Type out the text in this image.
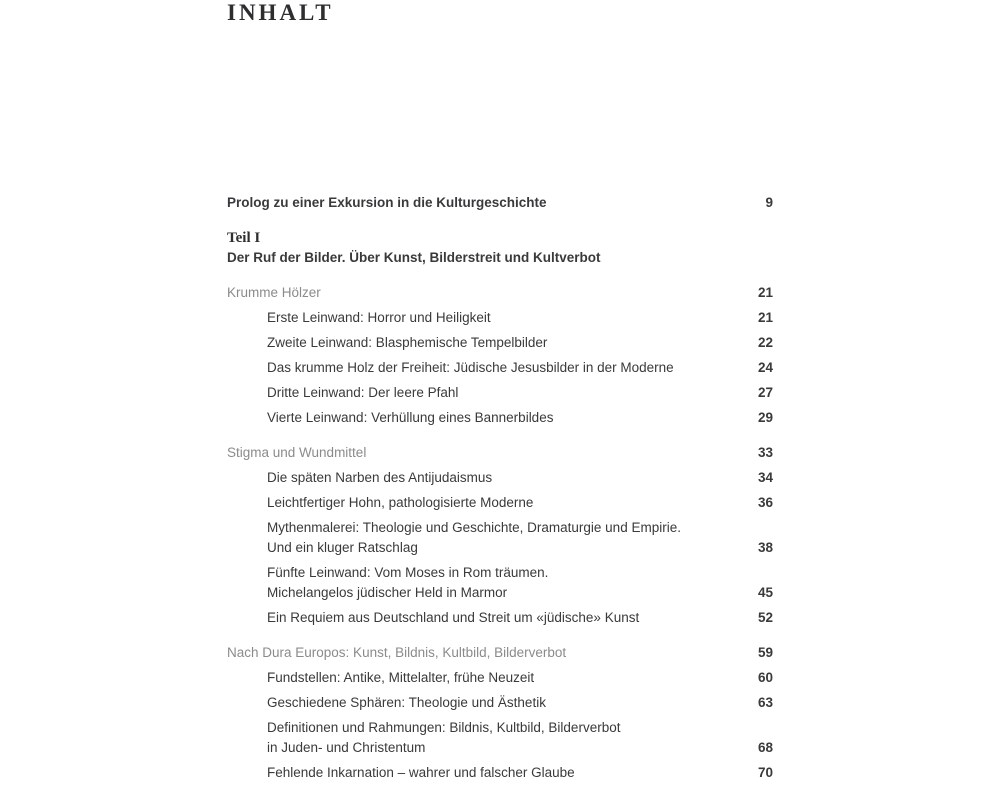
INHALT
Prolog zu einer Exkursion in die Kulturgeschichte	9
Teil I
Der Ruf der Bilder. Über Kunst, Bilderstreit und Kultverbot
Krumme Hölzer	21
Erste Leinwand: Horror und Heiligkeit	21
Zweite Leinwand: Blasphemische Tempelbilder	22
Das krumme Holz der Freiheit: Jüdische Jesusbilder in der Moderne	24
Dritte Leinwand: Der leere Pfahl	27
Vierte Leinwand: Verhüllung eines Bannerbildes	29
Stigma und Wundmittel	33
Die späten Narben des Antijudaismus	34
Leichtfertiger Hohn, pathologisierte Moderne	36
Mythenmalerei: Theologie und Geschichte, Dramaturgie und Empirie.
Und ein kluger Ratschlag	38
Fünfte Leinwand: Vom Moses in Rom träumen.
Michelangelos jüdischer Held in Marmor	45
Ein Requiem aus Deutschland und Streit um «jüdische» Kunst	52
Nach Dura Europos: Kunst, Bildnis, Kultbild, Bilderverbot	59
Fundstellen: Antike, Mittelalter, frühe Neuzeit	60
Geschiedene Sphären: Theologie und Ästhetik	63
Definitionen und Rahmungen: Bildnis, Kultbild, Bilderverbot
in Juden- und Christentum	68
Fehlende Inkarnation – wahrer und falscher Glaube	70
